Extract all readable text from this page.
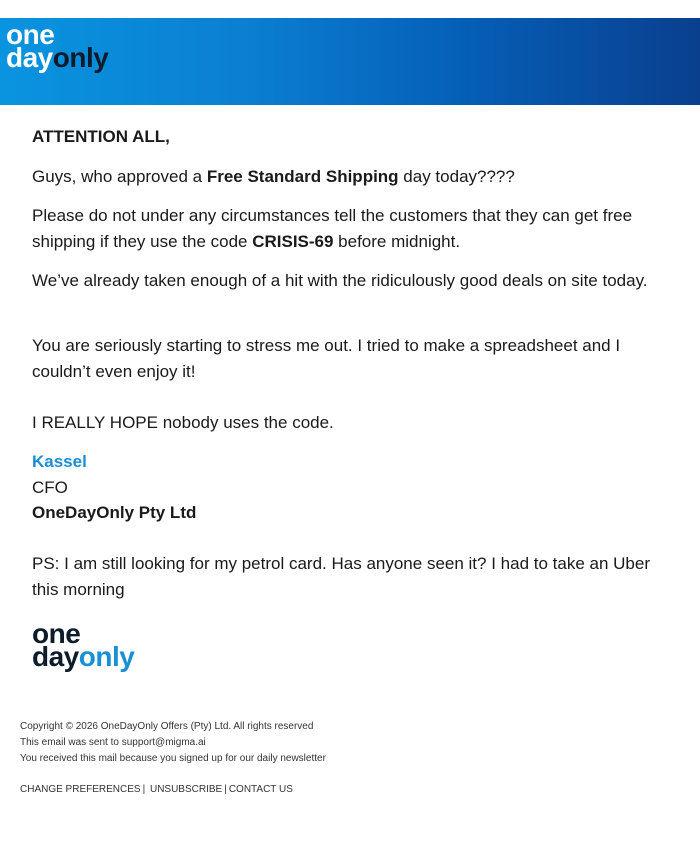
one
dayonly
ATTENTION ALL,
Guys, who approved a Free Standard Shipping day today????
Please do not under any circumstances tell the customers that they can get free shipping if they use the code CRISIS-69 before midnight.
We’ve already taken enough of a hit with the ridiculously good deals on site today.
You are seriously starting to stress me out. I tried to make a spreadsheet and I couldn’t even enjoy it!
I REALLY HOPE nobody uses the code.
Kassel
CFO
OneDayOnly Pty Ltd
PS: I am still looking for my petrol card. Has anyone seen it? I had to take an Uber this morning
one
dayonly
Copyright © 2026 OneDayOnly Offers (Pty) Ltd. All rights reserved
This email was sent to support@migma.ai
You received this mail because you signed up for our daily newsletter
CHANGE PREFERENCES | UNSUBSCRIBE | CONTACT US
